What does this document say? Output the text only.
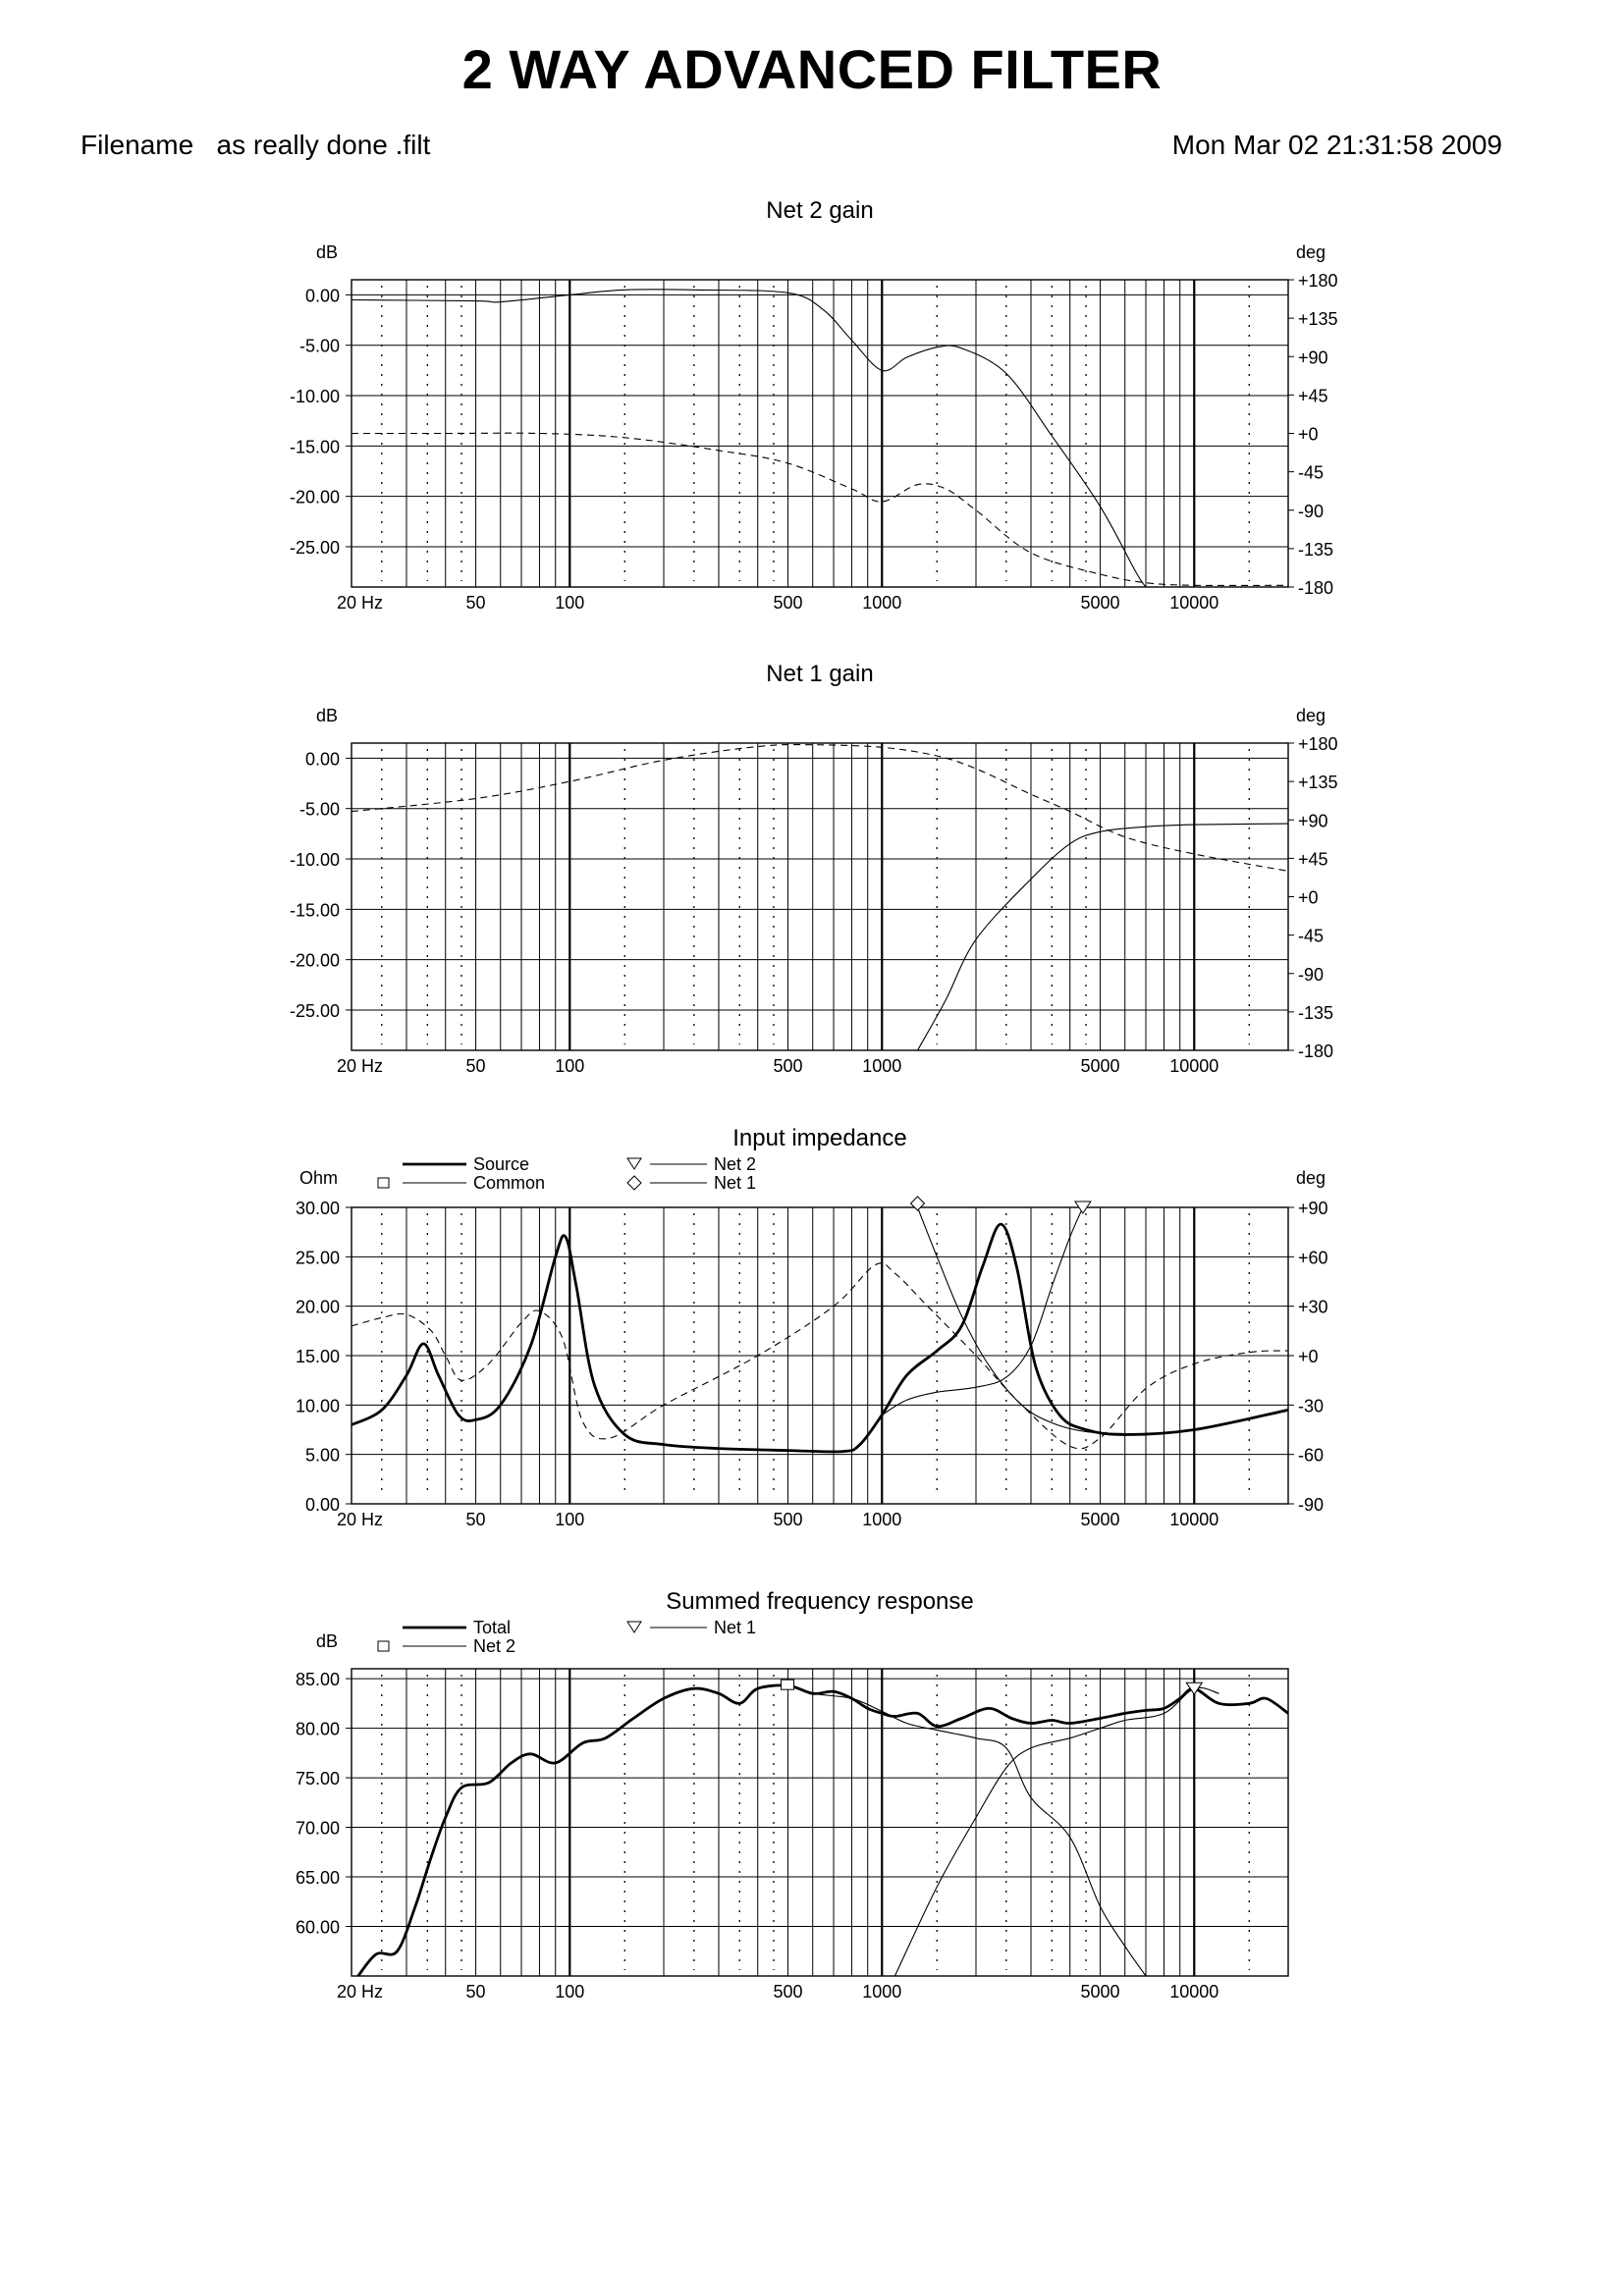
2 WAY ADVANCED FILTER
Filename as really done .filt	Mon Mar 02 21:31:58 2009
Net 2 gain
0.00
-5.00
-10.00
-15.00
-20.00
-25.00
dB
+180
+135
+90
+45
+0
-45
-90
-135
-180
deg
20 Hz	50	100	500	1000	5000	10000
Net 1 gain
0.00
-5.00
-10.00
-15.00
-20.00
-25.00
dB
+180
+135
+90
+45
+0
-45
-90
-135
-180
deg
20 Hz	50	100	500	1000	5000	10000
Input impedance
30.00
25.00
20.00
15.00
10.00
5.00
0.00
Ohm
+90
+60
+30
+0
-30
-60
-90
deg
20 Hz	50	100	500	1000	5000	10000
Source
Common
Net 2
Net 1
Summed frequency response
85.00
80.00
75.00
70.00
65.00
60.00
dB
20 Hz	50	100	500	1000	5000	10000
Total
Net 2
Net 1
